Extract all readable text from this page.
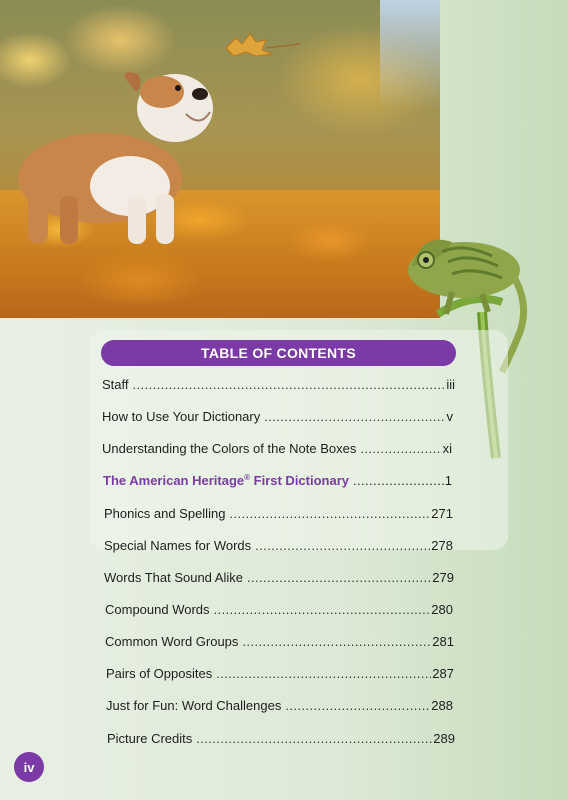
TABLE OF CONTENTS
Staff .....	iii
How to Use Your Dictionary .....	v
Understanding the Colors of the Note Boxes .....	xi
The American Heritage® First Dictionary .....	1
Phonics and Spelling .....	271
Special Names for Words .....	278
Words That Sound Alike .....	279
Compound Words .....	280
Common Word Groups .....	281
Pairs of Opposites .....	287
Just for Fun: Word Challenges .....	288
Picture Credits .....	289
iv
